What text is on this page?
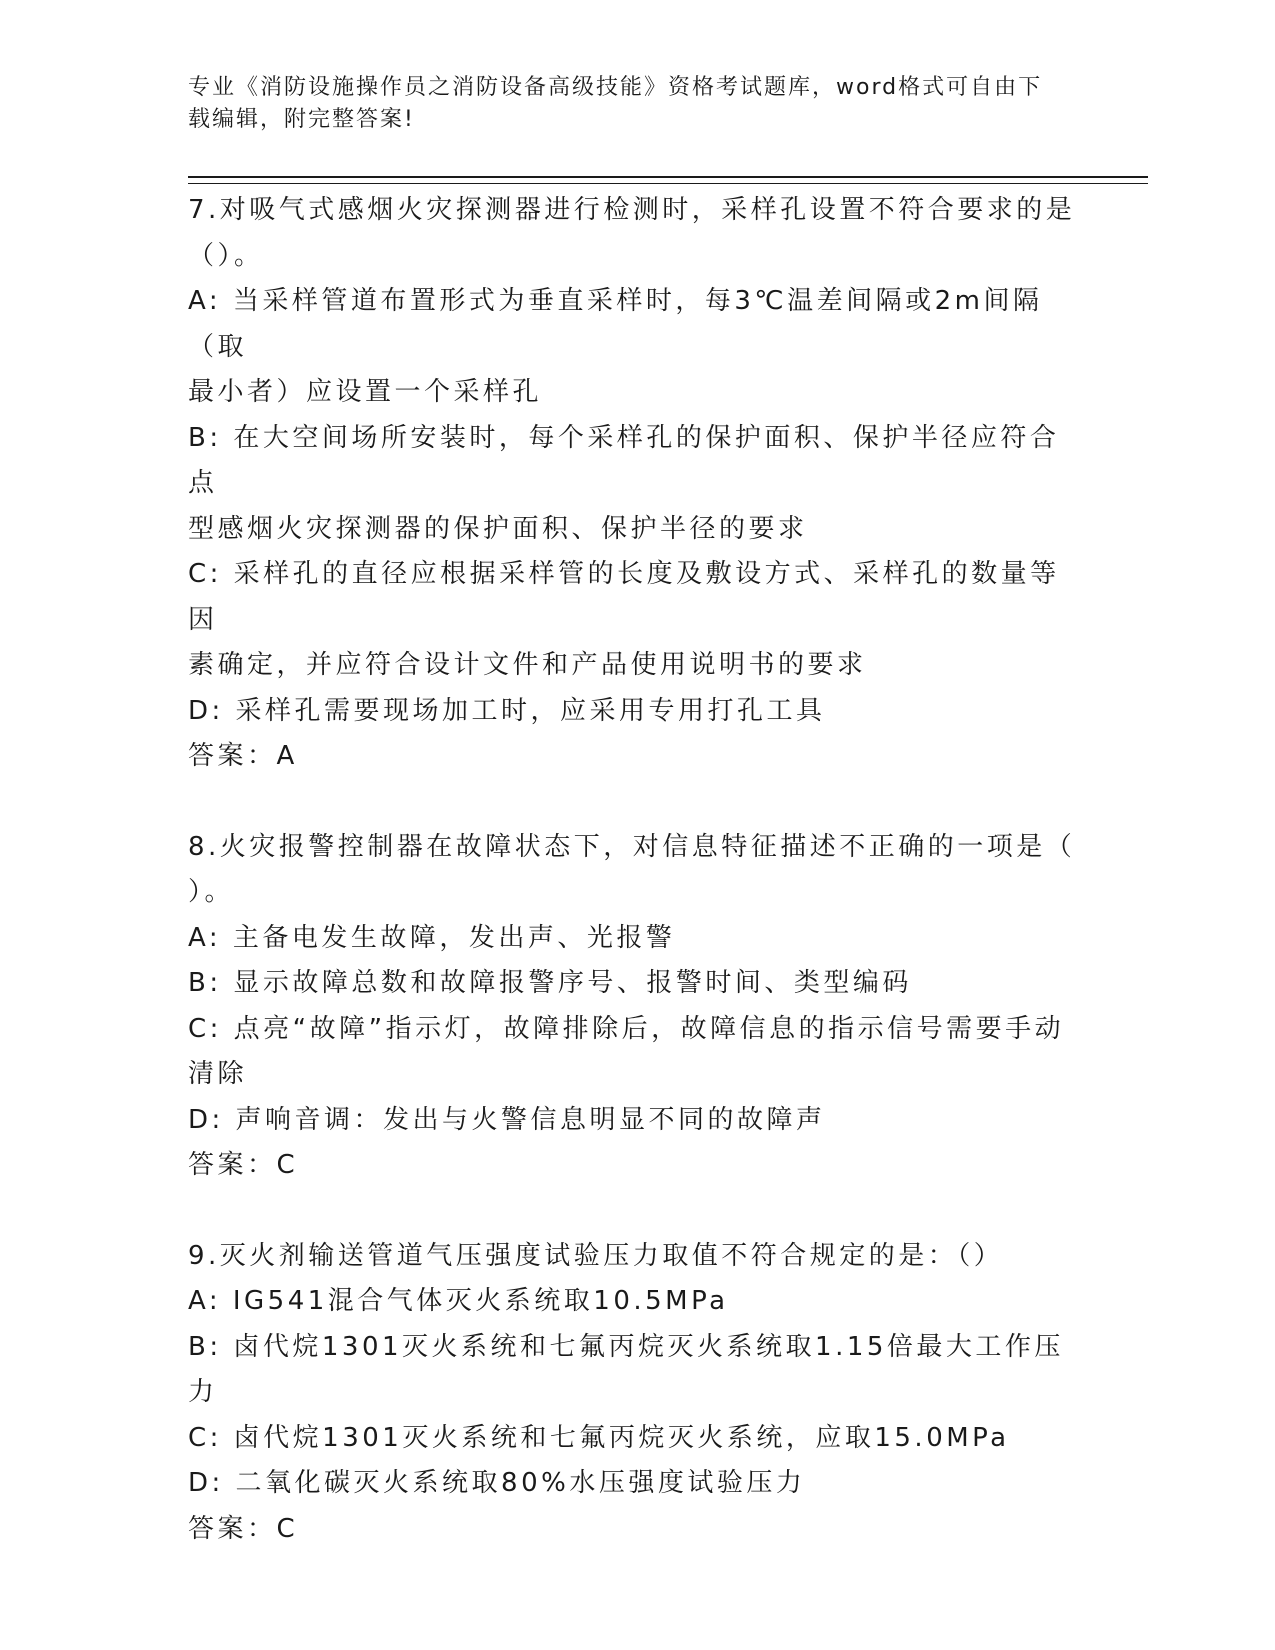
专业《消防设施操作员之消防设备高级技能》资格考试题库，word格式可自由下
载编辑，附完整答案!
7.对吸气式感烟火灾探测器进行检测时，采样孔设置不符合要求的是
（）。
A: 当采样管道布置形式为垂直采样时，每3℃温差间隔或2m间隔（取
最小者）应设置一个采样孔
B: 在大空间场所安装时，每个采样孔的保护面积、保护半径应符合点
型感烟火灾探测器的保护面积、保护半径的要求
C: 采样孔的直径应根据采样管的长度及敷设方式、采样孔的数量等因
素确定，并应符合设计文件和产品使用说明书的要求
D: 采样孔需要现场加工时，应采用专用打孔工具
答案：A
8.火灾报警控制器在故障状态下，对信息特征描述不正确的一项是（
）。
A: 主备电发生故障，发出声、光报警
B: 显示故障总数和故障报警序号、报警时间、类型编码
C: 点亮“故障”指示灯，故障排除后，故障信息的指示信号需要手动
清除
D: 声响音调：发出与火警信息明显不同的故障声
答案：C
9.灭火剂输送管道气压强度试验压力取值不符合规定的是：（）
A: IG541混合气体灭火系统取10.5MPa
B: 卤代烷1301灭火系统和七氟丙烷灭火系统取1.15倍最大工作压力
C: 卤代烷1301灭火系统和七氟丙烷灭火系统，应取15.0MPa
D: 二氧化碳灭火系统取80%水压强度试验压力
答案：C
